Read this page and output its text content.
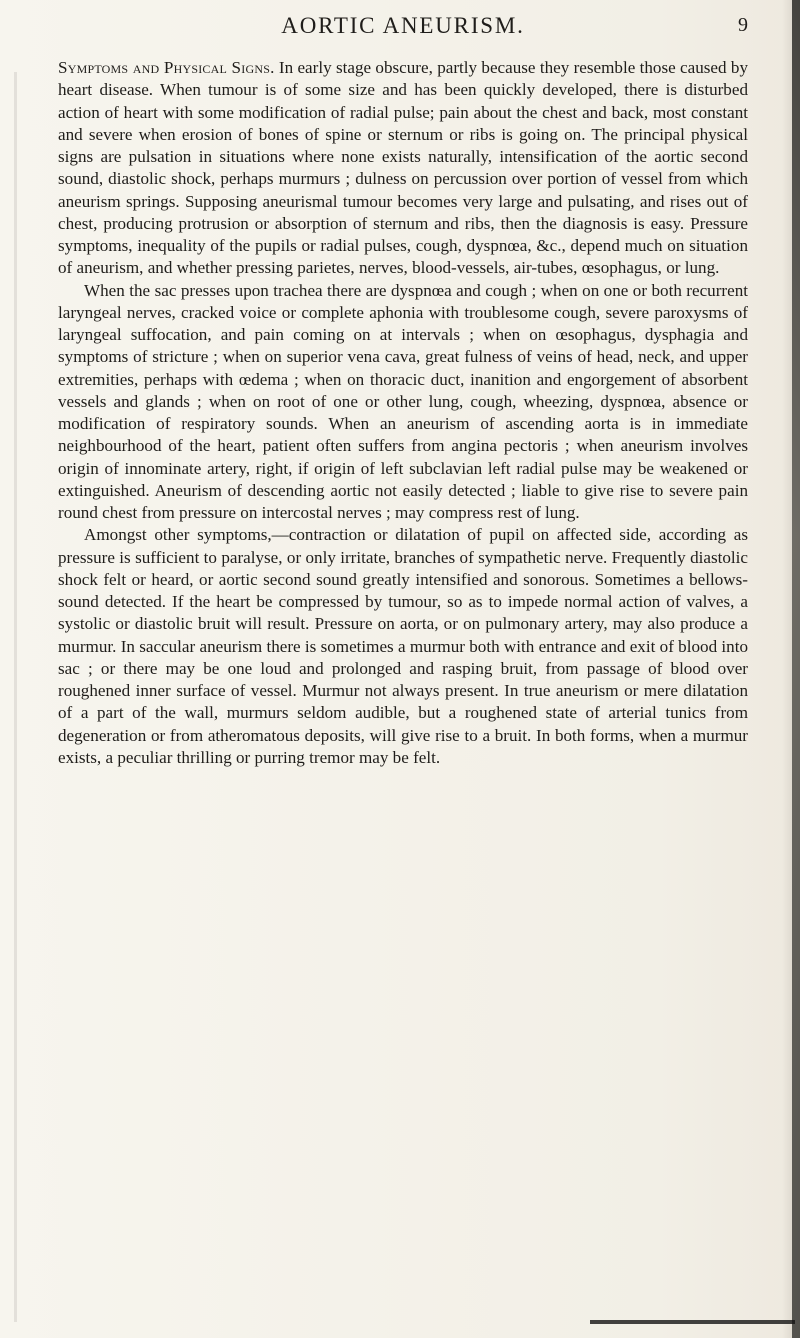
AORTIC ANEURISM.	9

Symptoms and Physical Signs. In early stage obscure, partly because they resemble those caused by heart disease. When tumour is of some size and has been quickly developed, there is disturbed action of heart with some modification of radial pulse; pain about the chest and back, most constant and severe when erosion of bones of spine or sternum or ribs is going on. The principal physical signs are pulsation in situations where none exists naturally, intensification of the aortic second sound, diastolic shock, perhaps murmurs ; dulness on percussion over portion of vessel from which aneurism springs. Supposing aneurismal tumour becomes very large and pulsating, and rises out of chest, producing protrusion or absorption of sternum and ribs, then the diagnosis is easy. Pressure symptoms, inequality of the pupils or radial pulses, cough, dyspnœa, &c., depend much on situation of aneurism, and whether pressing parietes, nerves, blood-vessels, air-tubes, œsophagus, or lung.

When the sac presses upon trachea there are dyspnœa and cough ; when on one or both recurrent laryngeal nerves, cracked voice or complete aphonia with troublesome cough, severe paroxysms of laryngeal suffocation, and pain coming on at intervals ; when on œsophagus, dysphagia and symptoms of stricture ; when on superior vena cava, great fulness of veins of head, neck, and upper extremities, perhaps with œdema ; when on thoracic duct, inanition and engorgement of absorbent vessels and glands ; when on root of one or other lung, cough, wheezing, dyspnœa, absence or modification of respiratory sounds. When an aneurism of ascending aorta is in immediate neighbourhood of the heart, patient often suffers from angina pectoris ; when aneurism involves origin of innominate artery, right, if origin of left subclavian left radial pulse may be weakened or extinguished. Aneurism of descending aortic not easily detected ; liable to give rise to severe pain round chest from pressure on intercostal nerves ; may compress rest of lung.

Amongst other symptoms,—contraction or dilatation of pupil on affected side, according as pressure is sufficient to paralyse, or only irritate, branches of sympathetic nerve. Frequently diastolic shock felt or heard, or aortic second sound greatly intensified and sonorous. Sometimes a bellows-sound detected. If the heart be compressed by tumour, so as to impede normal action of valves, a systolic or diastolic bruit will result. Pressure on aorta, or on pulmonary artery, may also produce a murmur. In saccular aneurism there is sometimes a murmur both with entrance and exit of blood into sac ; or there may be one loud and prolonged and rasping bruit, from passage of blood over roughened inner surface of vessel. Murmur not always present. In true aneurism or mere dilatation of a part of the wall, murmurs seldom audible, but a roughened state of arterial tunics from degeneration or from atheromatous deposits, will give rise to a bruit. In both forms, when a murmur exists, a peculiar thrilling or purring tremor may be felt.
